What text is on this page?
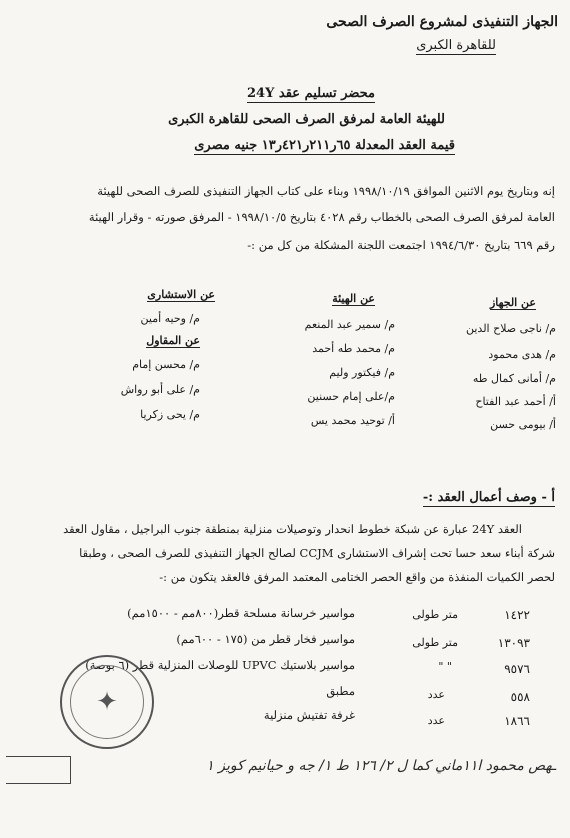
الجهاز التنفيذى لمشروع الصرف الصحى
للقاهرة الكبرى
محضر تسليم عقد 24Y
للهيئة العامة لمرفق الصرف الصحى للقاهرة الكبرى
قيمة العقد المعدلة ٦٥ر٢١١ر٤٢١ر١٣ جنيه مصرى
إنه وبتاريخ يوم الاثنين الموافق ١٩٩٨/١٠/١٩ وبناء على كتاب الجهاز التنفيذى للصرف الصحى للهيئة
العامة لمرفق الصرف الصحى بالخطاب رقم ٤٠٢٨ بتاريخ ١٩٩٨/١٠/٥ - المرفق صورته - وقرار الهيئة
رقم ٦٦٩ بتاريخ ١٩٩٤/٦/٣٠ اجتمعت اللجنة المشكلة من كل من :-
عن الجهاز
م/ ناجى صلاح الدين
م/ هدى محمود
م/ أمانى كمال طه
أ/ أحمد عبد الفتاح
أ/ بيومى حسن
عن الهيئة
م/ سمير عبد المنعم
م/ محمد طه أحمد
م/ فيكتور وليم
م/على إمام حسنين
أ/ توحيد محمد يس
عن الاستشارى
م/ وحيه أمين
عن المقاول
م/ محسن إمام
م/ على أبو رواش
م/ يحى زكريا
أ - وصف أعمال العقد :-
العقد 24Y عبارة عن شبكة خطوط انحدار وتوصيلات منزلية بمنطقة جنوب البراجيل ، مقاول العقد
شركة أبناء سعد حسا تحت إشراف الاستشارى CCJM لصالح الجهاز التنفيذى للصرف الصحى ، وطبقا
لحصر الكميات المنفذة من واقع الحصر الختامى المعتمد المرفق فالعقد يتكون من :-
١٤٢٢
متر طولى
مواسير خرسانة مسلحة قطر(٨٠٠مم - ١٥٠٠مم)
١٣٠٩٣
متر طولى
مواسير فخار قطر من (١٧٥ - ٦٠٠مم)
٩٥٧٦
" "
مواسير بلاستيك UPVC للوصلات المنزلية قطر (٦ بوصة)
٥٥٨
عدد
مطبق
١٨٦٦
عدد
غرفة تفتيش منزلية
✦
ـه‍ص محمود ا١١ماني كما ل ٢/ ١٢٦ ط ١/ جه و حيانيم كويز ١
